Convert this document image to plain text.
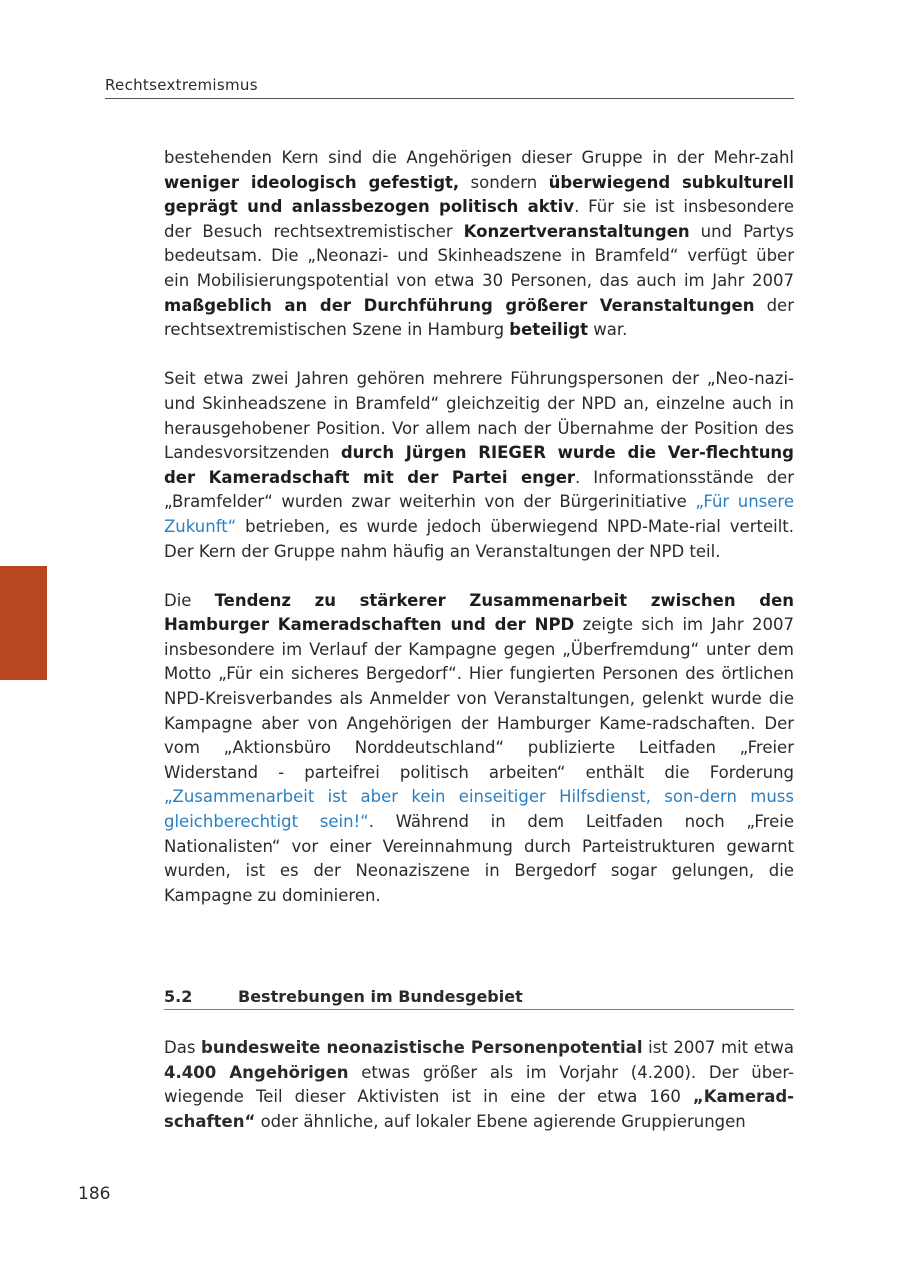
Rechtsextremismus

bestehenden Kern sind die Angehörigen dieser Gruppe in der Mehr-zahl weniger ideologisch gefestigt, sondern überwiegend subkulturell geprägt und anlassbezogen politisch aktiv. Für sie ist insbesondere der Besuch rechtsextremistischer Konzertveranstaltungen und Partys bedeutsam. Die „Neonazi- und Skinheadszene in Bramfeld“ verfügt über ein Mobilisierungspotential von etwa 30 Personen, das auch im Jahr 2007 maßgeblich an der Durchführung größerer Veranstaltungen der rechtsextremistischen Szene in Hamburg beteiligt war.

Seit etwa zwei Jahren gehören mehrere Führungspersonen der „Neo-nazi- und Skinheadszene in Bramfeld“ gleichzeitig der NPD an, einzelne auch in herausgehobener Position. Vor allem nach der Übernahme der Position des Landesvorsitzenden durch Jürgen RIEGER wurde die Ver-flechtung der Kameradschaft mit der Partei enger. Informationsstände der „Bramfelder“ wurden zwar weiterhin von der Bürgerinitiative „Für unsere Zukunft“ betrieben, es wurde jedoch überwiegend NPD-Mate-rial verteilt. Der Kern der Gruppe nahm häufig an Veranstaltungen der NPD teil.

Die Tendenz zu stärkerer Zusammenarbeit zwischen den Hamburger Kameradschaften und der NPD zeigte sich im Jahr 2007 insbesondere im Verlauf der Kampagne gegen „Überfremdung“ unter dem Motto „Für ein sicheres Bergedorf“. Hier fungierten Personen des örtlichen NPD-Kreisverbandes als Anmelder von Veranstaltungen, gelenkt wurde die Kampagne aber von Angehörigen der Hamburger Kame-radschaften. Der vom „Aktionsbüro Norddeutschland“ publizierte Leitfaden „Freier Widerstand - parteifrei politisch arbeiten“ enthält die Forderung „Zusammenarbeit ist aber kein einseitiger Hilfsdienst, son-dern muss gleichberechtigt sein!“. Während in dem Leitfaden noch „Freie Nationalisten“ vor einer Vereinnahmung durch Parteistrukturen gewarnt wurden, ist es der Neonaziszene in Bergedorf sogar gelungen, die Kampagne zu dominieren.

5.2	Bestrebungen im Bundesgebiet

Das bundesweite neonazistische Personenpotential ist 2007 mit etwa 4.400 Angehörigen etwas größer als im Vorjahr (4.200). Der über-wiegende Teil dieser Aktivisten ist in eine der etwa 160 „Kamerad-schaften“ oder ähnliche, auf lokaler Ebene agierende Gruppierungen

186
